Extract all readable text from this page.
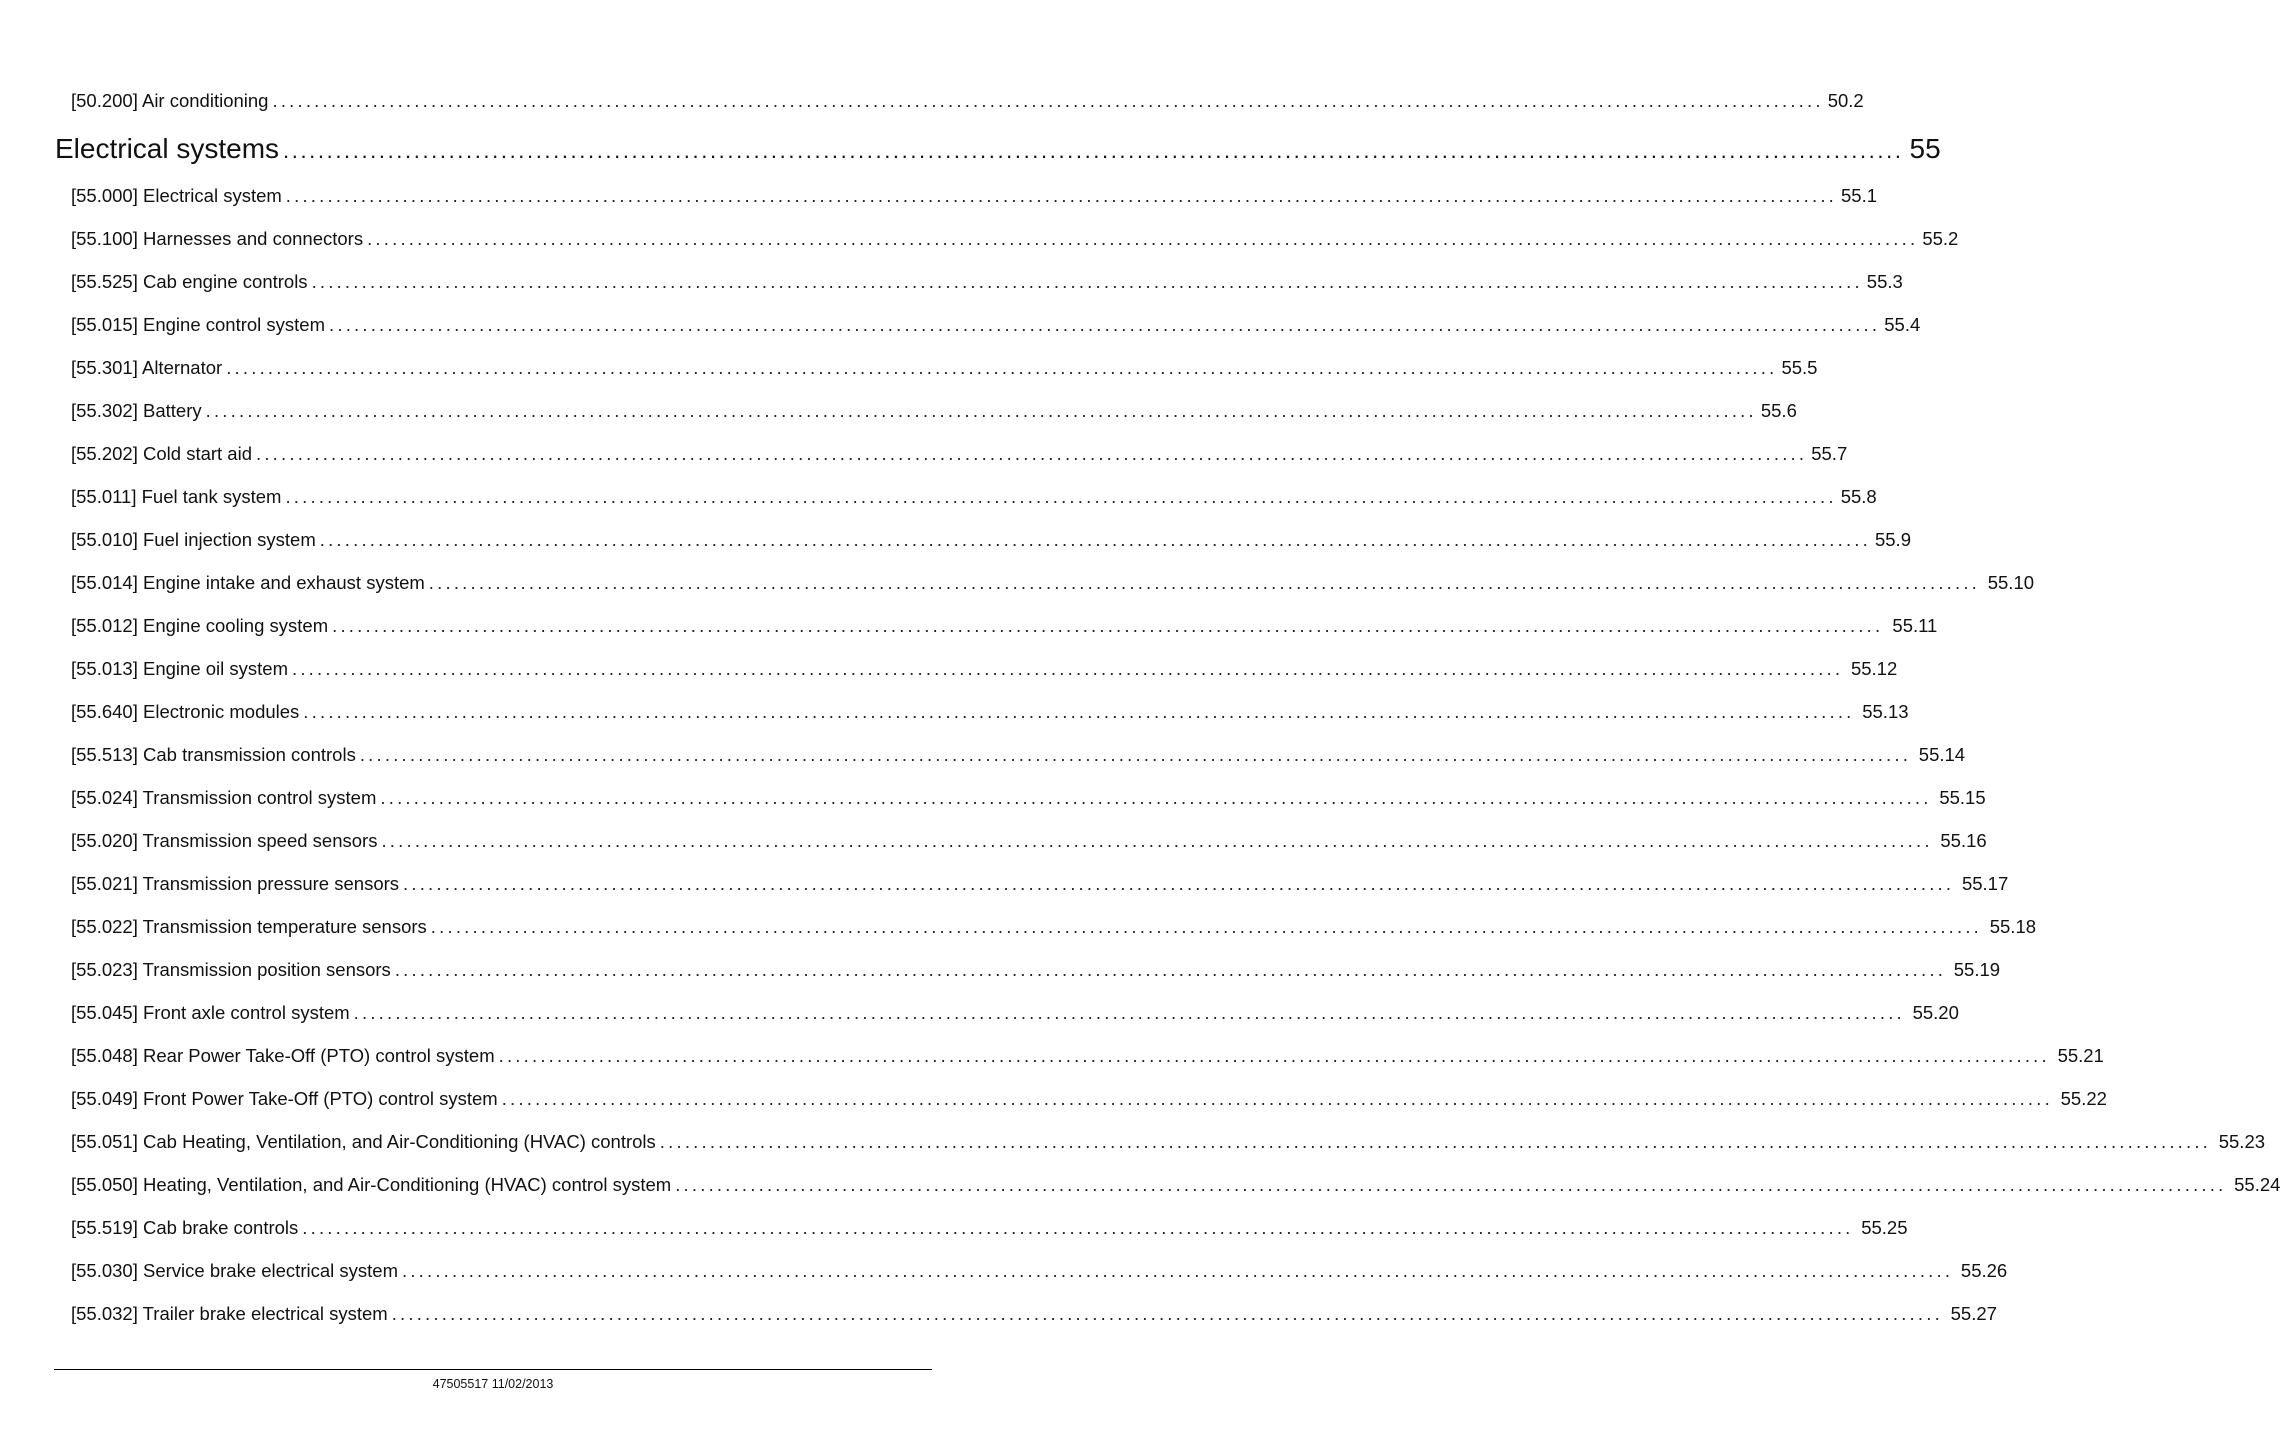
[50.200] Air conditioning .......................................................................................................................................................................................... 50.2
Electrical systems .......................................................................................................................................................................................... 55
[55.000] Electrical system .......................................................................................................................................................................................... 55.1
[55.100] Harnesses and connectors .......................................................................................................................................................................................... 55.2
[55.525] Cab engine controls .......................................................................................................................................................................................... 55.3
[55.015] Engine control system .......................................................................................................................................................................................... 55.4
[55.301] Alternator .......................................................................................................................................................................................... 55.5
[55.302] Battery .......................................................................................................................................................................................... 55.6
[55.202] Cold start aid .......................................................................................................................................................................................... 55.7
[55.011] Fuel tank system .......................................................................................................................................................................................... 55.8
[55.010] Fuel injection system .......................................................................................................................................................................................... 55.9
[55.014] Engine intake and exhaust system .......................................................................................................................................................................................... 55.10
[55.012] Engine cooling system .......................................................................................................................................................................................... 55.11
[55.013] Engine oil system .......................................................................................................................................................................................... 55.12
[55.640] Electronic modules .......................................................................................................................................................................................... 55.13
[55.513] Cab transmission controls .......................................................................................................................................................................................... 55.14
[55.024] Transmission control system .......................................................................................................................................................................................... 55.15
[55.020] Transmission speed sensors .......................................................................................................................................................................................... 55.16
[55.021] Transmission pressure sensors .......................................................................................................................................................................................... 55.17
[55.022] Transmission temperature sensors .......................................................................................................................................................................................... 55.18
[55.023] Transmission position sensors .......................................................................................................................................................................................... 55.19
[55.045] Front axle control system .......................................................................................................................................................................................... 55.20
[55.048] Rear Power Take-Off (PTO) control system .......................................................................................................................................................................................... 55.21
[55.049] Front Power Take-Off (PTO) control system .......................................................................................................................................................................................... 55.22
[55.051] Cab Heating, Ventilation, and Air-Conditioning (HVAC) controls .......................................................................................................................................................................................... 55.23
[55.050] Heating, Ventilation, and Air-Conditioning (HVAC) control system .......................................................................................................................................................................................... 55.24
[55.519] Cab brake controls .......................................................................................................................................................................................... 55.25
[55.030] Service brake electrical system .......................................................................................................................................................................................... 55.26
[55.032] Trailer brake electrical system .......................................................................................................................................................................................... 55.27
47505517 11/02/2013
